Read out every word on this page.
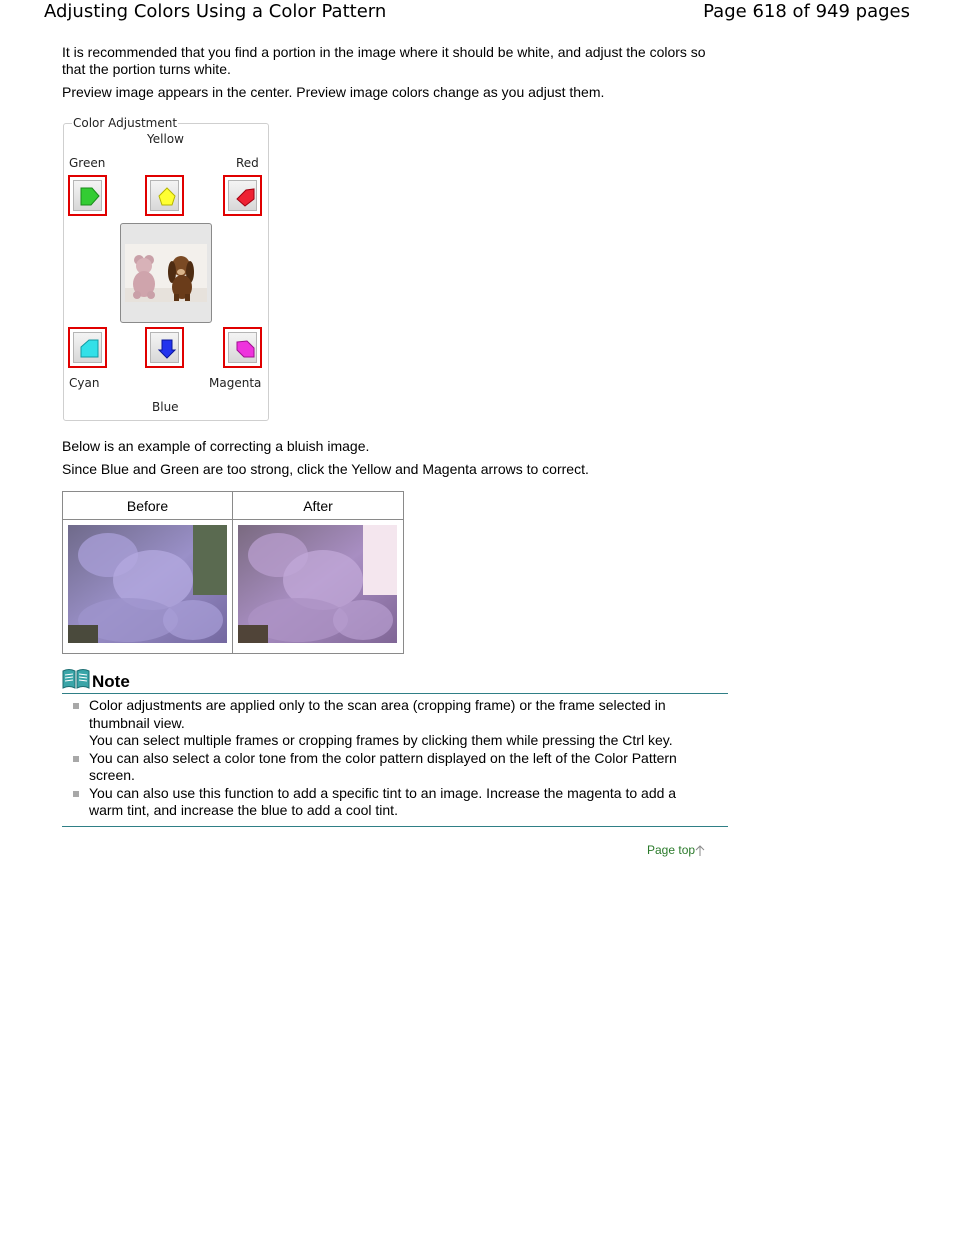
Adjusting Colors Using a Color Pattern	Page 618 of 949 pages
It is recommended that you find a portion in the image where it should be white, and adjust the colors so that the portion turns white.
Preview image appears in the center. Preview image colors change as you adjust them.
Color Adjustment
Yellow
Green	Red
Cyan	Magenta
Blue
Below is an example of correcting a bluish image.
Since Blue and Green are too strong, click the Yellow and Magenta arrows to correct.
Before	After

Note
Color adjustments are applied only to the scan area (cropping frame) or the frame selected in thumbnail view.
You can select multiple frames or cropping frames by clicking them while pressing the Ctrl key.
You can also select a color tone from the color pattern displayed on the left of the Color Pattern screen.
You can also use this function to add a specific tint to an image. Increase the magenta to add a warm tint, and increase the blue to add a cool tint.
Page top
